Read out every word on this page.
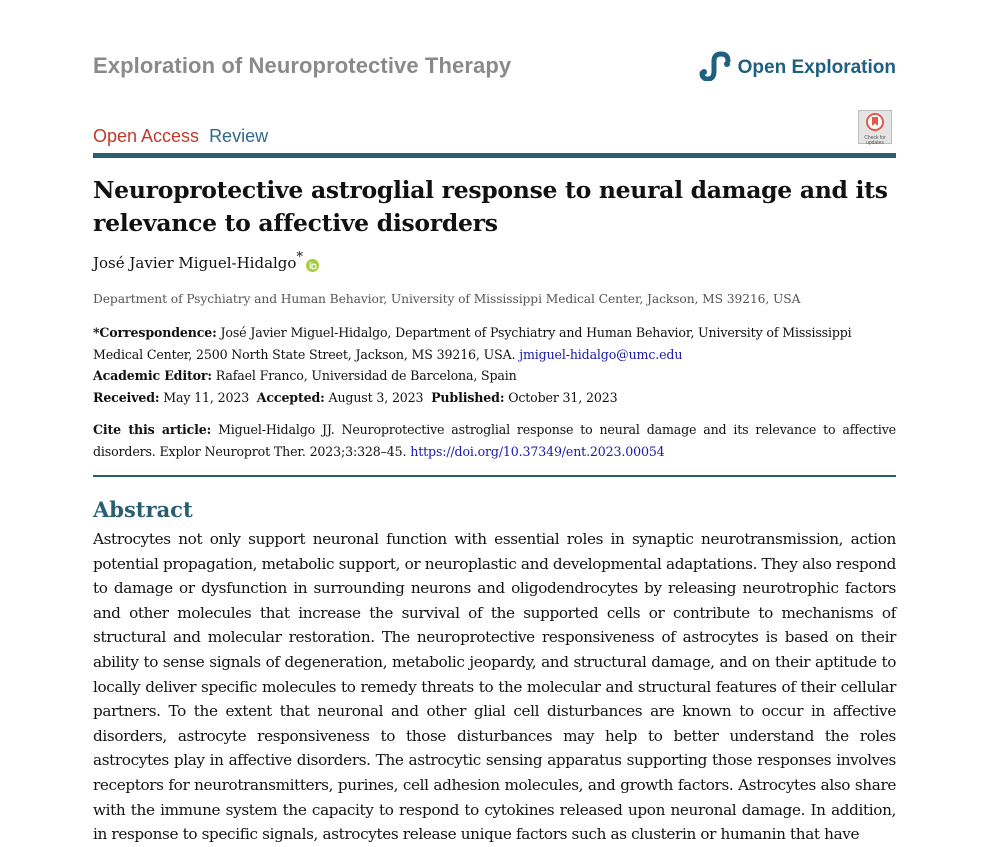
Exploration of Neuroprotective Therapy	Open Exploration
Open Access Review	Check for updates
Neuroprotective astroglial response to neural damage and its relevance to affective disorders
José Javier Miguel-Hidalgo *
Department of Psychiatry and Human Behavior, University of Mississippi Medical Center, Jackson, MS 39216, USA
*Correspondence: José Javier Miguel-Hidalgo, Department of Psychiatry and Human Behavior, University of Mississippi Medical Center, 2500 North State Street, Jackson, MS 39216, USA. jmiguel-hidalgo@umc.edu
Academic Editor: Rafael Franco, Universidad de Barcelona, Spain
Received: May 11, 2023 Accepted: August 3, 2023 Published: October 31, 2023
Cite this article: Miguel-Hidalgo JJ. Neuroprotective astroglial response to neural damage and its relevance to affective disorders. Explor Neuroprot Ther. 2023;3:328–45. https://doi.org/10.37349/ent.2023.00054
Abstract

Astrocytes not only support neuronal function with essential roles in synaptic neurotransmission, action potential propagation, metabolic support, or neuroplastic and developmental adaptations. They also respond to damage or dysfunction in surrounding neurons and oligodendrocytes by releasing neurotrophic factors and other molecules that increase the survival of the supported cells or contribute to mechanisms of structural and molecular restoration. The neuroprotective responsiveness of astrocytes is based on their ability to sense signals of degeneration, metabolic jeopardy, and structural damage, and on their aptitude to locally deliver specific molecules to remedy threats to the molecular and structural features of their cellular partners. To the extent that neuronal and other glial cell disturbances are known to occur in affective disorders, astrocyte responsiveness to those disturbances may help to better understand the roles astrocytes play in affective disorders. The astrocytic sensing apparatus supporting those responses involves receptors for neurotransmitters, purines, cell adhesion molecules, and growth factors. Astrocytes also share with the immune system the capacity to respond to cytokines released upon neuronal damage. In addition, in response to specific signals, astrocytes release unique factors such as clusterin or humanin that have
